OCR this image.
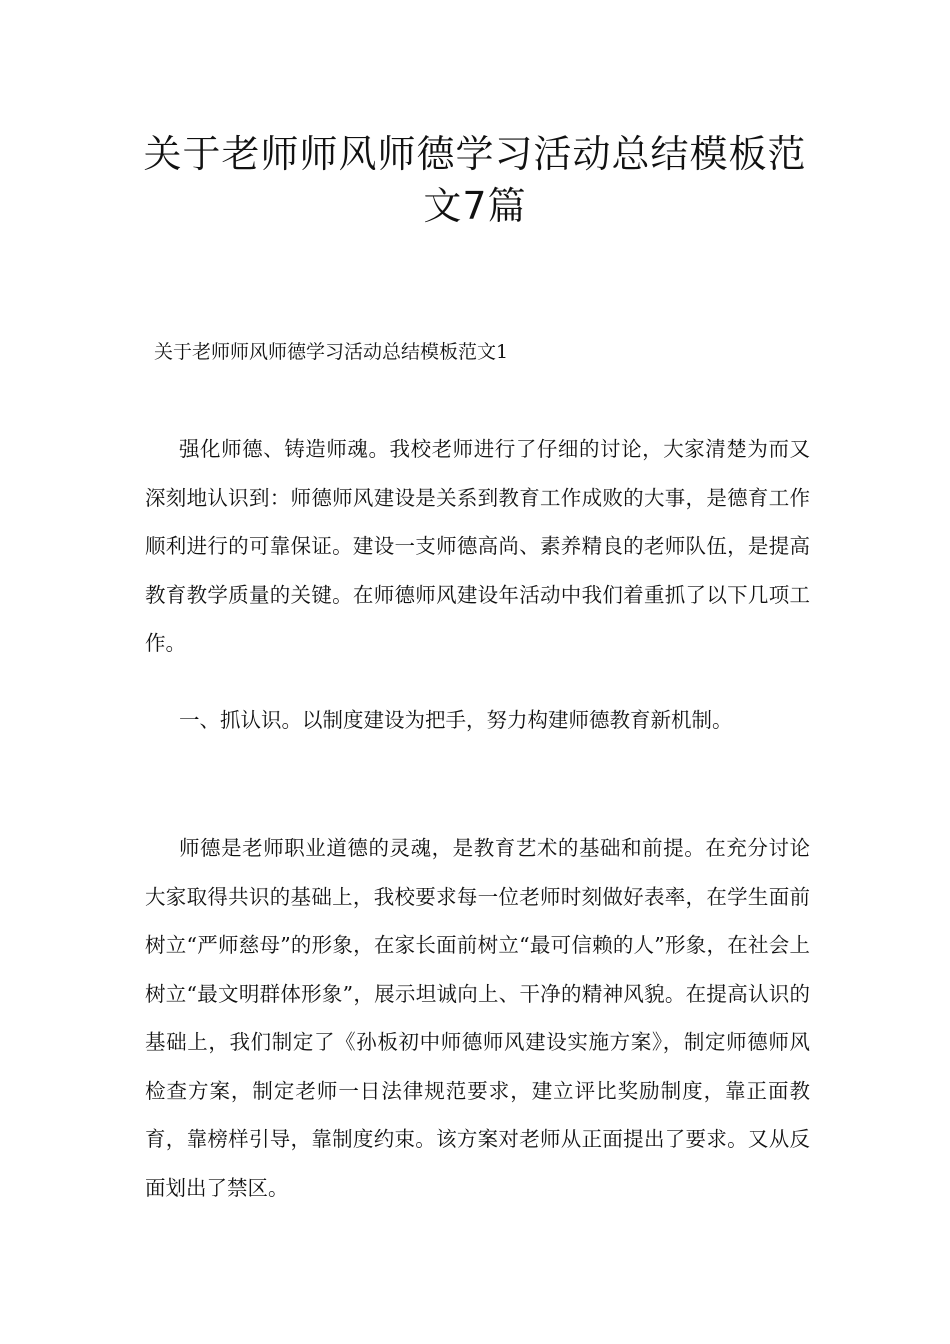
关于老师师风师德学习活动总结模板范文7篇

关于老师师风师德学习活动总结模板范文1

强化师德、铸造师魂。我校老师进行了仔细的讨论，大家清楚为而又深刻地认识到：师德师风建设是关系到教育工作成败的大事，是德育工作顺利进行的可靠保证。建设一支师德高尚、素养精良的老师队伍，是提高教育教学质量的关键。在师德师风建设年活动中我们着重抓了以下几项工作。

一、抓认识。以制度建设为把手，努力构建师德教育新机制。

师德是老师职业道德的灵魂，是教育艺术的基础和前提。在充分讨论大家取得共识的基础上，我校要求每一位老师时刻做好表率，在学生面前树立“严师慈母”的形象，在家长面前树立“最可信赖的人”形象，在社会上树立“最文明群体形象”，展示坦诚向上、干净的精神风貌。在提高认识的基础上，我们制定了《孙板初中师德师风建设实施方案》，制定师德师风检查方案，制定老师一日法律规范要求，建立评比奖励制度，靠正面教育，靠榜样引导，靠制度约束。该方案对老师从正面提出了要求。又从反面划出了禁区。
